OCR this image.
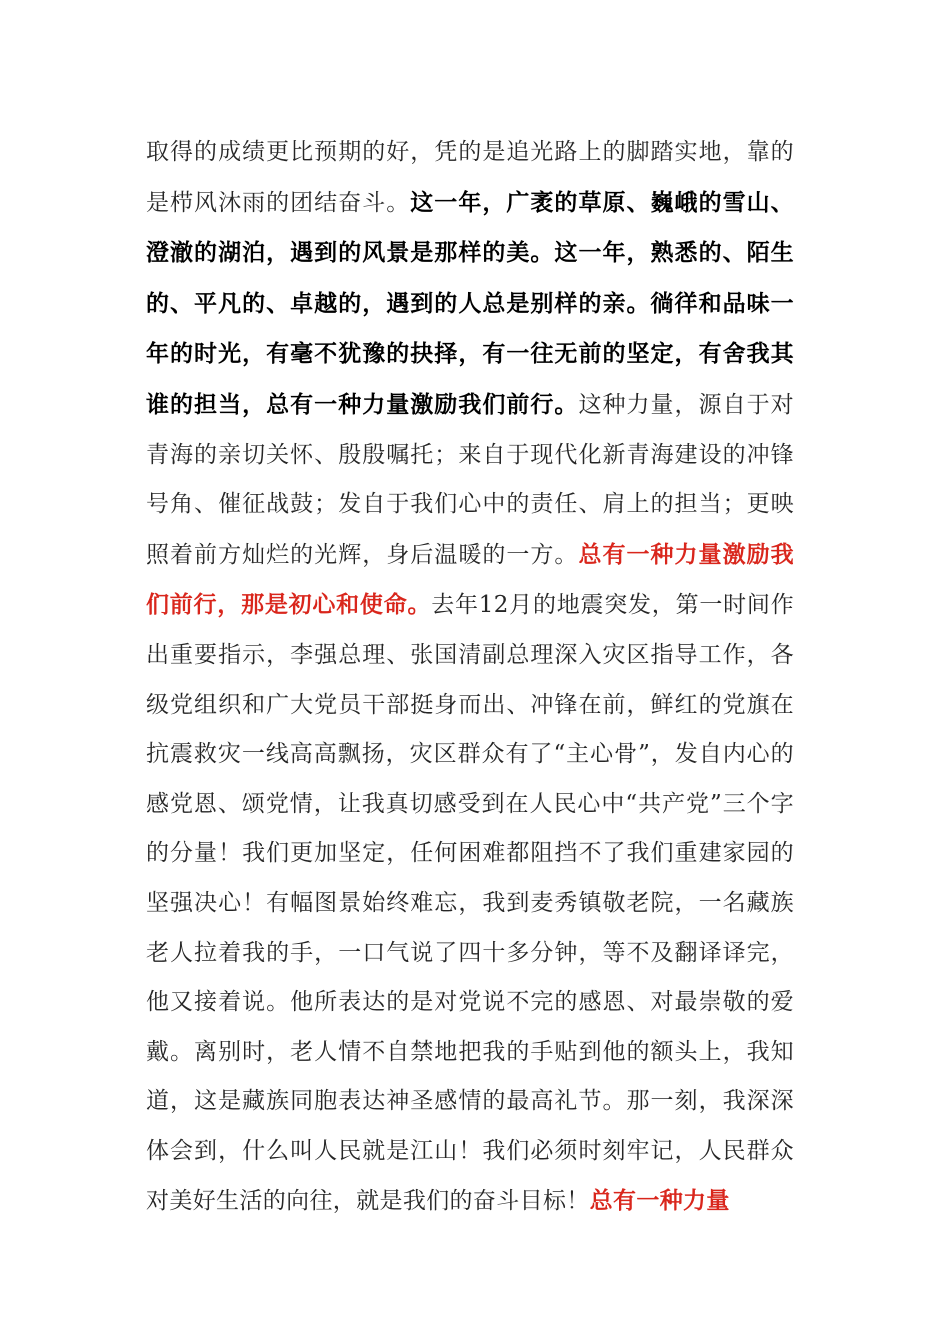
取得的成绩更比预期的好，凭的是追光路上的脚踏实地，靠的是栉风沐雨的团结奋斗。这一年，广袤的草原、巍峨的雪山、澄澈的湖泊，遇到的风景是那样的美。这一年，熟悉的、陌生的、平凡的、卓越的，遇到的人总是别样的亲。徜徉和品味一年的时光，有毫不犹豫的抉择，有一往无前的坚定，有舍我其谁的担当，总有一种力量激励我们前行。这种力量，源自于对青海的亲切关怀、殷殷嘱托；来自于现代化新青海建设的冲锋号角、催征战鼓；发自于我们心中的责任、肩上的担当；更映照着前方灿烂的光辉，身后温暖的一方。总有一种力量激励我们前行，那是初心和使命。去年12月的地震突发，第一时间作出重要指示，李强总理、张国清副总理深入灾区指导工作，各级党组织和广大党员干部挺身而出、冲锋在前，鲜红的党旗在抗震救灾一线高高飘扬，灾区群众有了“主心骨”，发自内心的感党恩、颂党情，让我真切感受到在人民心中“共产党”三个字的分量！我们更加坚定，任何困难都阻挡不了我们重建家园的坚强决心！有幅图景始终难忘，我到麦秀镇敬老院，一名藏族老人拉着我的手，一口气说了四十多分钟，等不及翻译译完，他又接着说。他所表达的是对党说不完的感恩、对最崇敬的爱戴。离别时，老人情不自禁地把我的手贴到他的额头上，我知道，这是藏族同胞表达神圣感情的最高礼节。那一刻，我深深体会到，什么叫人民就是江山！我们必须时刻牢记，人民群众对美好生活的向往，就是我们的奋斗目标！总有一种力量
